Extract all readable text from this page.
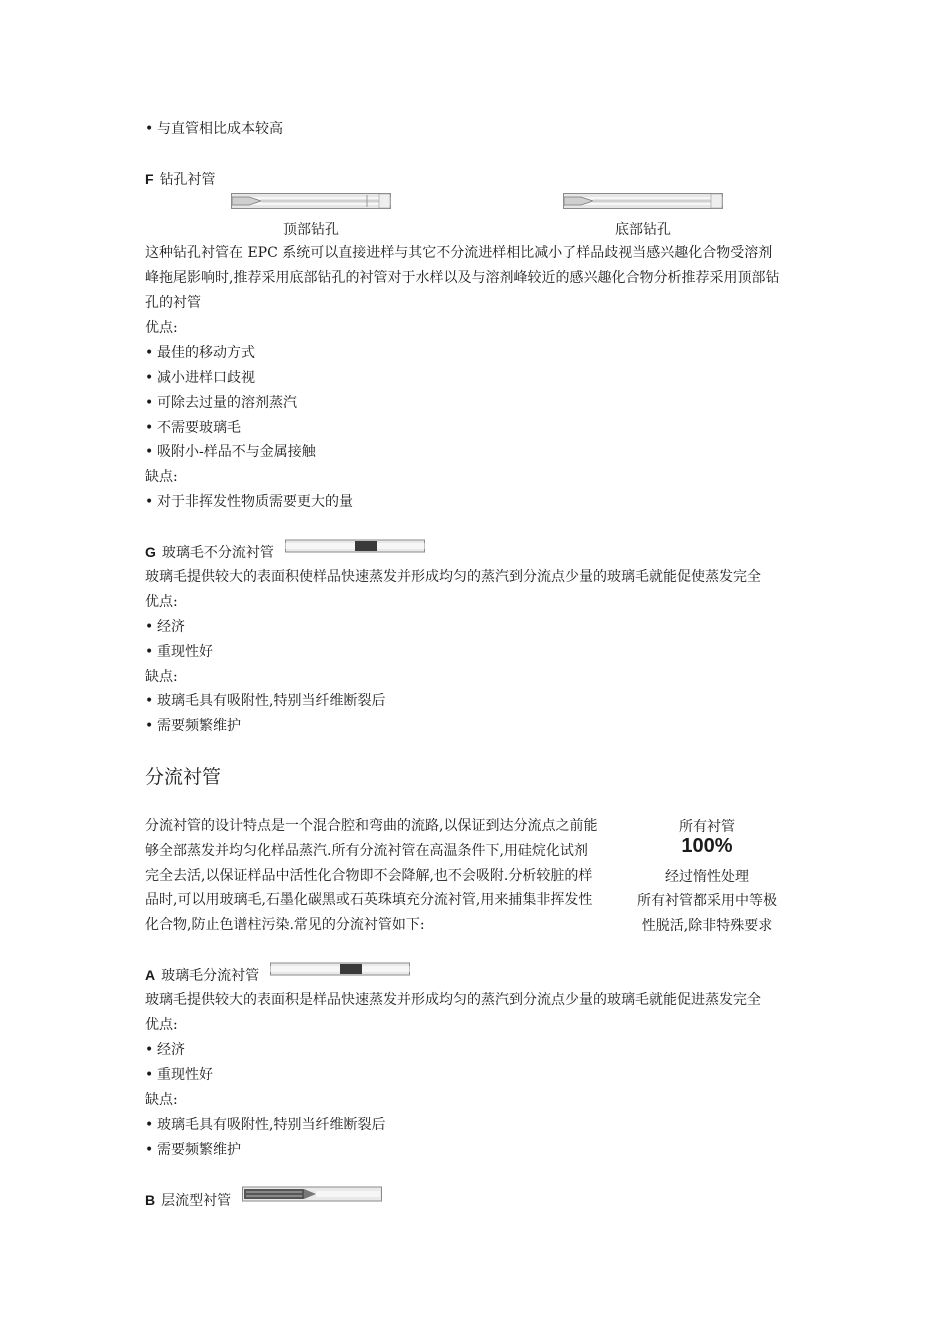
• 与直管相比成本较高
F 钻孔衬管
顶部钻孔	底部钻孔
这种钻孔衬管在 EPC 系统可以直接进样与其它不分流进样相比减小了样品歧视当感兴趣化合物受溶剂
峰拖尾影响时,推荐采用底部钻孔的衬管对于水样以及与溶剂峰较近的感兴趣化合物分析推荐采用顶部钻
孔的衬管
优点:
• 最佳的移动方式
• 减小进样口歧视
• 可除去过量的溶剂蒸汽
• 不需要玻璃毛
• 吸附小-样品不与金属接触
缺点:
• 对于非挥发性物质需要更大的量
G 玻璃毛不分流衬管
玻璃毛提供较大的表面积使样品快速蒸发并形成均匀的蒸汽到分流点少量的玻璃毛就能促使蒸发完全
优点:
• 经济
• 重现性好
缺点:
• 玻璃毛具有吸附性,特别当纤维断裂后
• 需要频繁维护
分流衬管
分流衬管的设计特点是一个混合腔和弯曲的流路,以保证到达分流点之前能
够全部蒸发并均匀化样品蒸汽.所有分流衬管在高温条件下,用硅烷化试剂
完全去活,以保证样品中活性化合物即不会降解,也不会吸附.分析较脏的样
品时,可以用玻璃毛,石墨化碳黑或石英珠填充分流衬管,用来捕集非挥发性
化合物,防止色谱柱污染.常见的分流衬管如下:
所有衬管
100%
经过惰性处理
所有衬管都采用中等极
性脱活,除非特殊要求
A 玻璃毛分流衬管
玻璃毛提供较大的表面积是样品快速蒸发并形成均匀的蒸汽到分流点少量的玻璃毛就能促进蒸发完全
优点:
• 经济
• 重现性好
缺点:
• 玻璃毛具有吸附性,特别当纤维断裂后
• 需要频繁维护
B 层流型衬管
